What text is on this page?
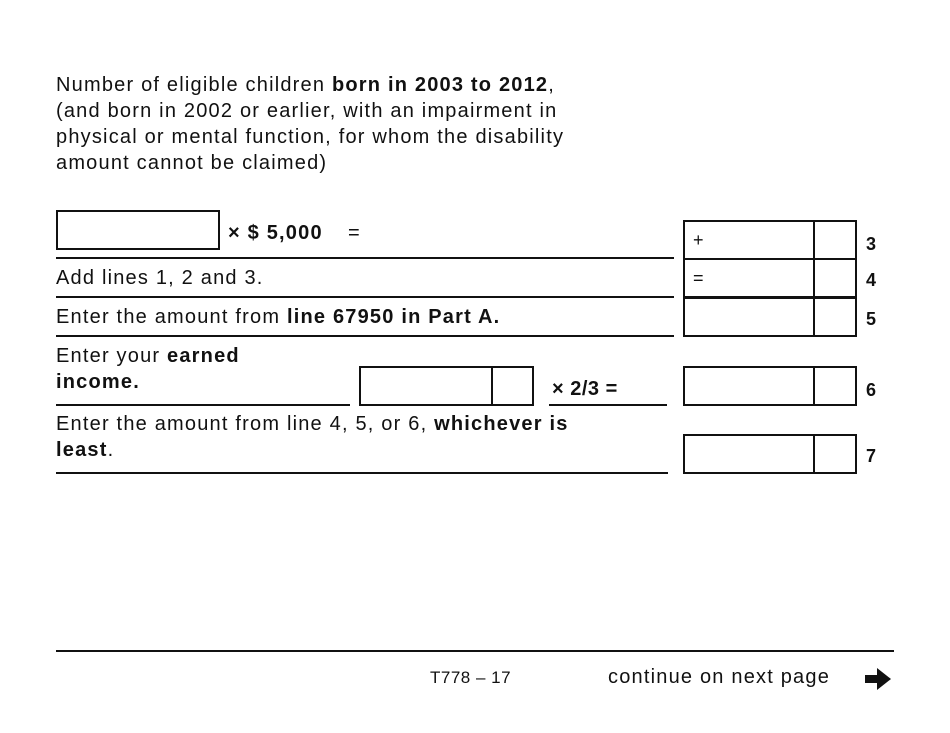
Number of eligible children born in 2003 to 2012,
(and born in 2002 or earlier, with an impairment in
physical or mental function, for whom the disability
amount cannot be claimed)
× $ 5,000 =	+	3
Add lines 1, 2 and 3.	=	4
Enter the amount from line 67950 in Part A.	5
Enter your earned
income.	× 2/3 =	6
Enter the amount from line 4, 5, or 6, whichever is
least.	7
T778 – 17	continue on next page
